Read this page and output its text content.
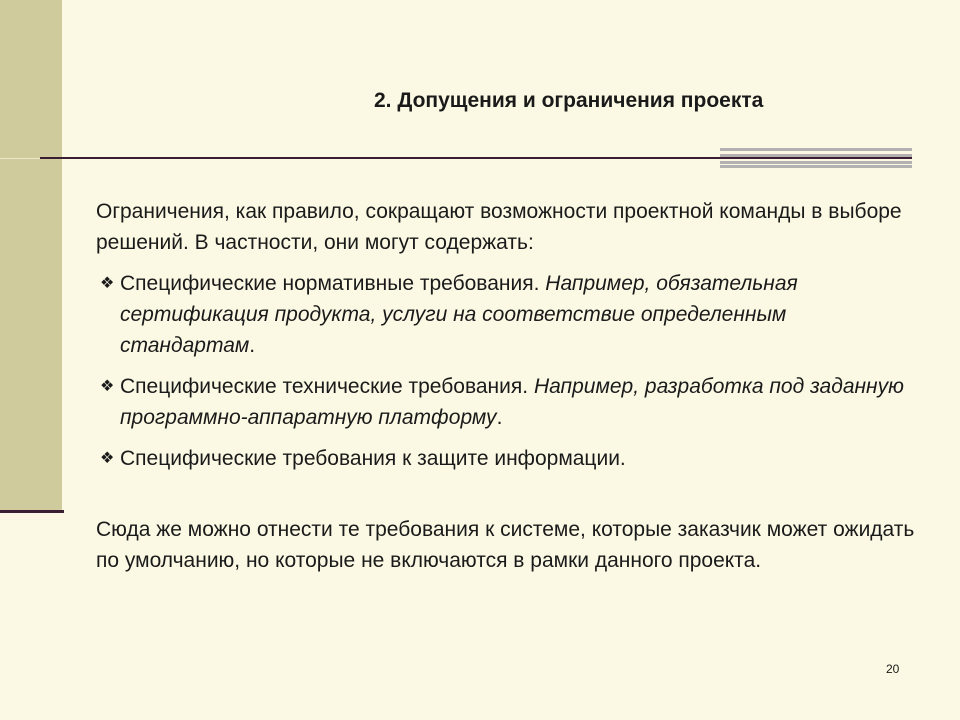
2. Допущения и ограничения проекта

Ограничения, как правило, сокращают возможности проектной команды в выборе решений. В частности, они могут содержать:

❖ Специфические нормативные требования. Например, обязательная сертификация продукта, услуги на соответствие определенным стандартам.
❖ Специфические технические требования. Например, разработка под заданную программно-аппаратную платформу.
❖ Специфические требования к защите информации.

Сюда же можно отнести те требования к системе, которые заказчик может ожидать по умолчанию, но которые не включаются в рамки данного проекта.

20
